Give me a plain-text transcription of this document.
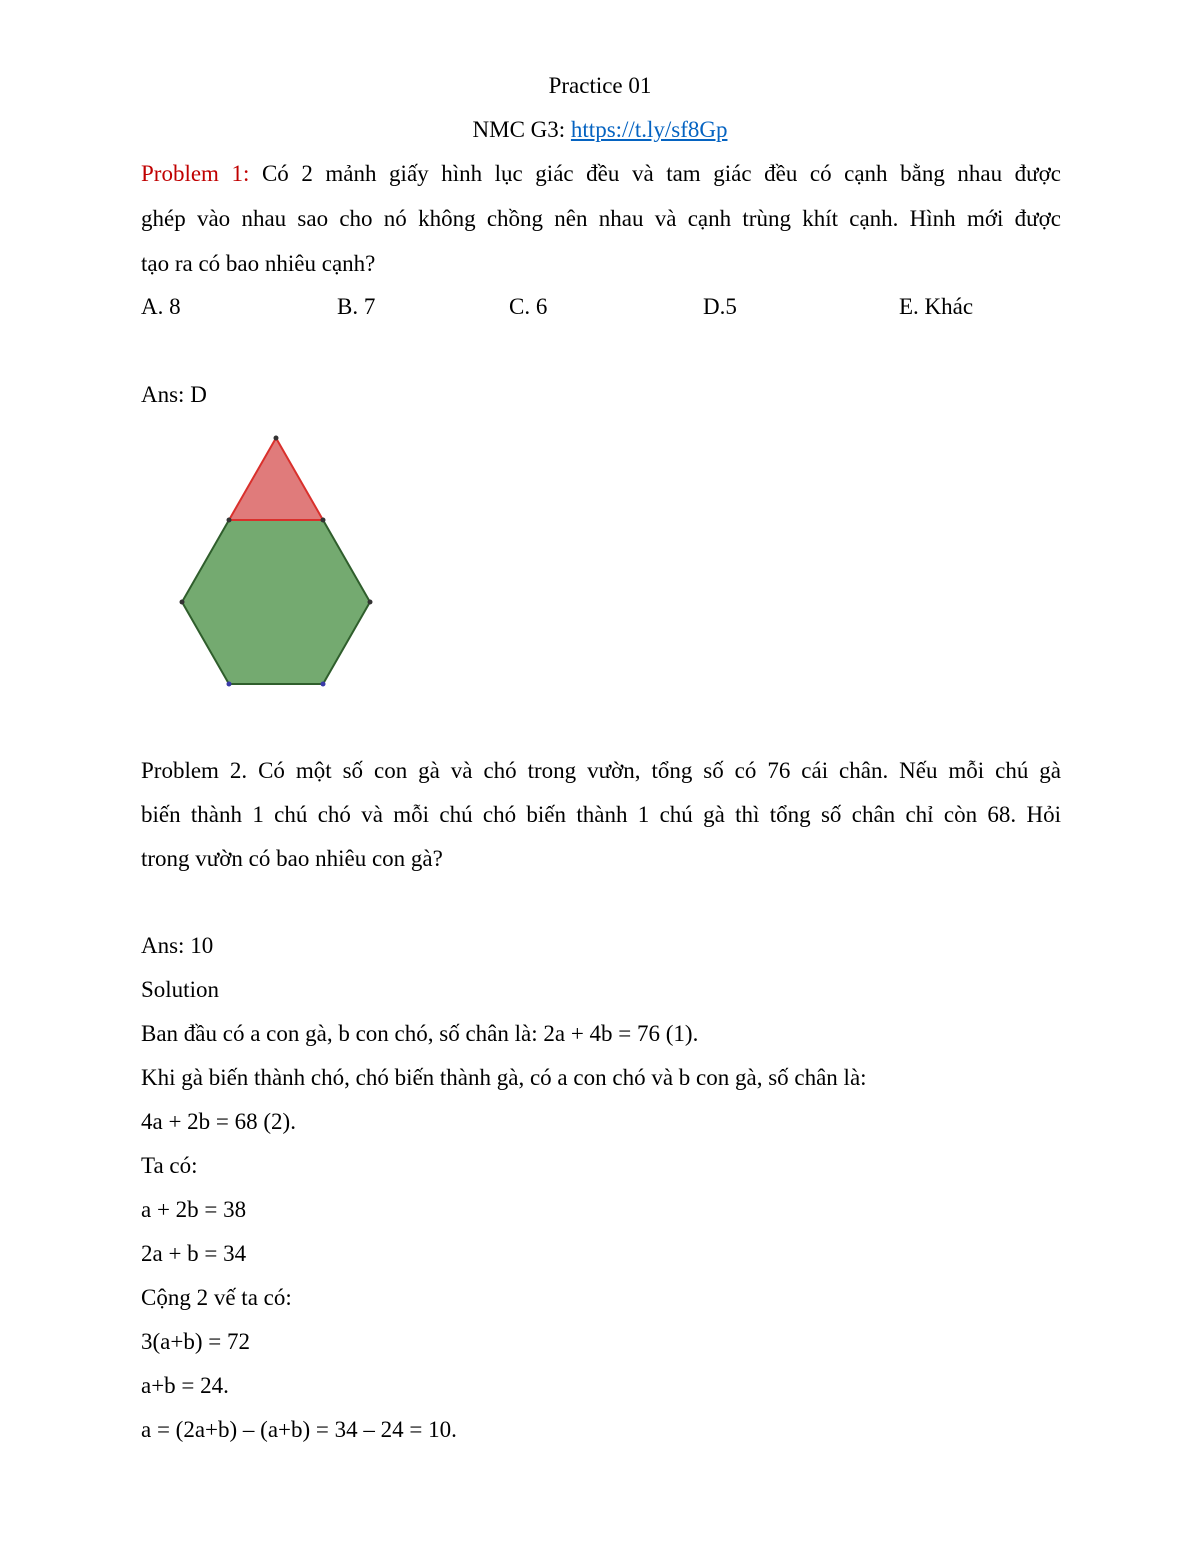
Practice 01
NMC G3: https://t.ly/sf8Gp
Problem 1: Có 2 mảnh giấy hình lục giác đều và tam giác đều có cạnh bằng nhau được
ghép vào nhau sao cho nó không chồng nên nhau và cạnh trùng khít cạnh. Hình mới được
tạo ra có bao nhiêu cạnh?
A. 8	B. 7	C. 6	D.5	E. Khác
Ans: D
Problem 2. Có một số con gà và chó trong vườn, tổng số có 76 cái chân. Nếu mỗi chú gà
biến thành 1 chú chó và mỗi chú chó biến thành 1 chú gà thì tổng số chân chỉ còn 68. Hỏi
trong vườn có bao nhiêu con gà?
Ans: 10
Solution
Ban đầu có a con gà, b con chó, số chân là: 2a + 4b = 76 (1).
Khi gà biến thành chó, chó biến thành gà, có a con chó và b con gà, số chân là:
4a + 2b = 68 (2).
Ta có:
a + 2b = 38
2a + b = 34
Cộng 2 vế ta có:
3(a+b) = 72
a+b = 24.
a = (2a+b) – (a+b) = 34 – 24 = 10.
